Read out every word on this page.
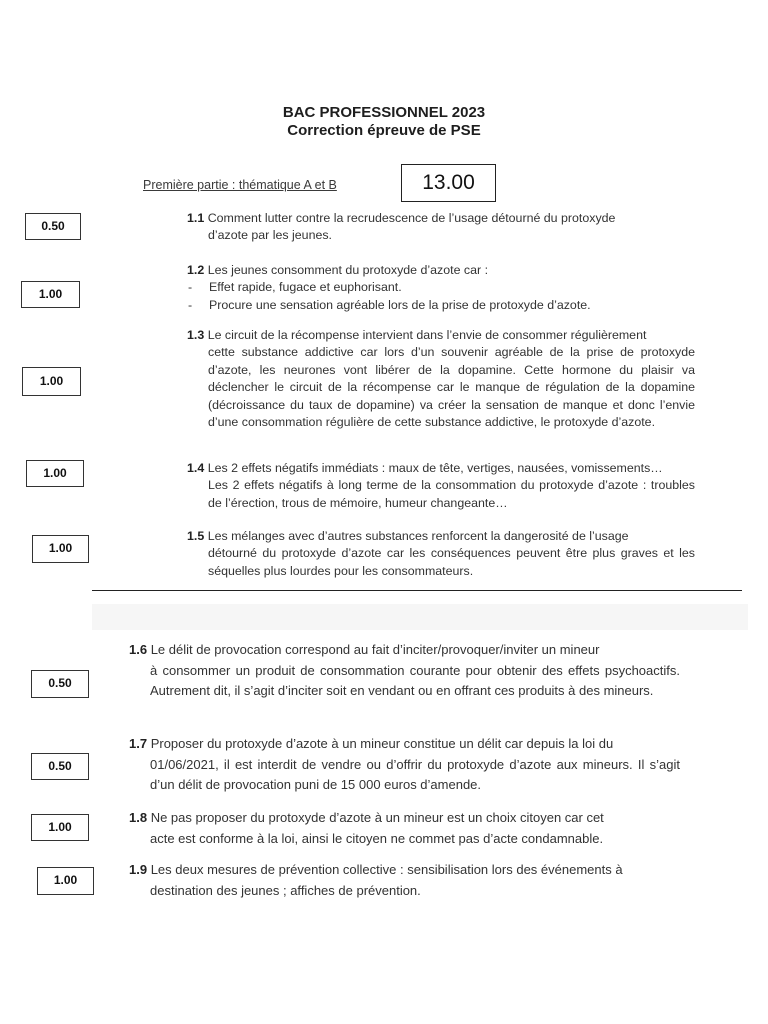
BAC PROFESSIONNEL 2023
Correction épreuve de PSE
Première partie : thématique A et B	13.00
0.50
1.00
1.00
1.00
1.00
0.50
0.50
1.00
1.00
1.1 Comment lutter contre la recrudescence de l’usage détourné du protoxyde
d’azote par les jeunes.
1.2 Les jeunes consomment du protoxyde d’azote car :
- Effet rapide, fugace et euphorisant.
- Procure une sensation agréable lors de la prise de protoxyde d’azote.
1.3 Le circuit de la récompense intervient dans l’envie de consommer régulièrement
cette substance addictive car lors d’un souvenir agréable de la prise de protoxyde d’azote, les neurones vont libérer de la dopamine. Cette hormone du plaisir va déclencher le circuit de la récompense car le manque de régulation de la dopamine (décroissance du taux de dopamine) va créer la sensation de manque et donc l’envie d’une consommation régulière de cette substance addictive, le protoxyde d’azote.
1.4 Les 2 effets négatifs immédiats : maux de tête, vertiges, nausées, vomissements…
Les 2 effets négatifs à long terme de la consommation du protoxyde d’azote : troubles de l’érection, trous de mémoire, humeur changeante…
1.5 Les mélanges avec d’autres substances renforcent la dangerosité de l’usage
détourné du protoxyde d’azote car les conséquences peuvent être plus graves et les séquelles plus lourdes pour les consommateurs.
1.6 Le délit de provocation correspond au fait d’inciter/provoquer/inviter un mineur
à consommer un produit de consommation courante pour obtenir des effets psychoactifs. Autrement dit, il s’agit d’inciter soit en vendant ou en offrant ces produits à des mineurs.
1.7 Proposer du protoxyde d’azote à un mineur constitue un délit car depuis la loi du
01/06/2021, il est interdit de vendre ou d’offrir du protoxyde d’azote aux mineurs. Il s’agit d’un délit de provocation puni de 15 000 euros d’amende.
1.8 Ne pas proposer du protoxyde d’azote à un mineur est un choix citoyen car cet
acte est conforme à la loi, ainsi le citoyen ne commet pas d’acte condamnable.
1.9 Les deux mesures de prévention collective : sensibilisation lors des événements à
destination des jeunes ; affiches de prévention.
